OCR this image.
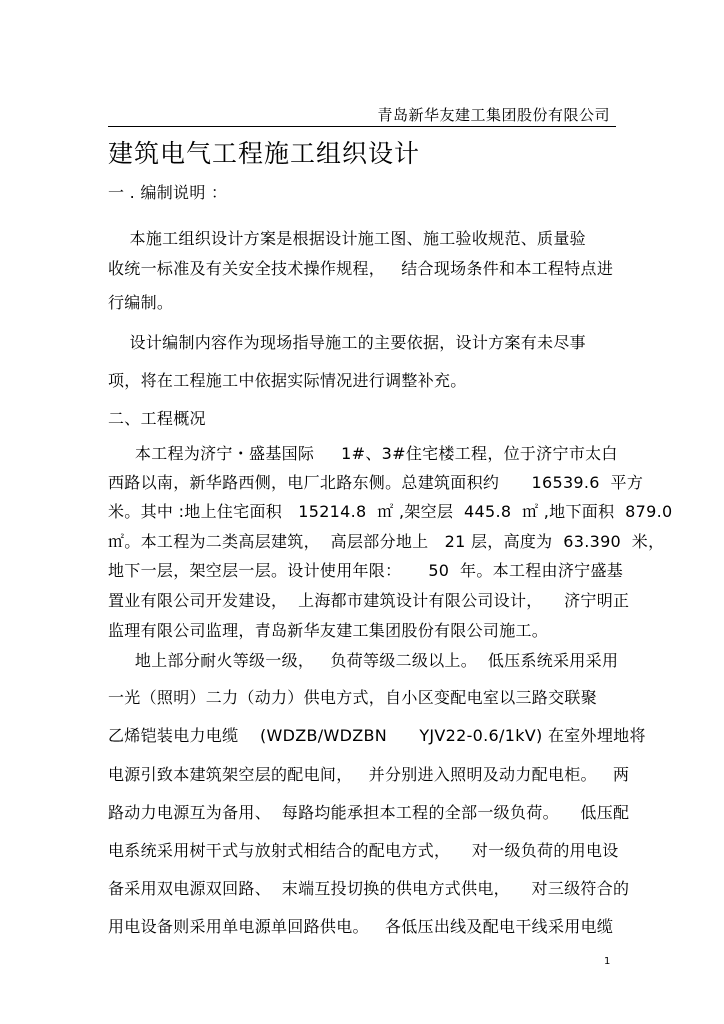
青岛新华友建工集团股份有限公司
建筑电气工程施工组织设计
一 . 编制说明 ：
本施工组织设计方案是根据设计施工图、施工验收规范、质量验
收统一标准及有关安全技术操作规程，   结合现场条件和本工程特点进
行编制。
设计编制内容作为现场指导施工的主要依据，设计方案有未尽事
项，将在工程施工中依据实际情况进行调整补充。
二、工程概况
本工程为济宁・盛基国际     1#、3#住宅楼工程，位于济宁市太白
西路以南，新华路西侧，电厂北路东侧。总建筑面积约      16539.6  平方
米。其中 :地上住宅面积   15214.8  ㎡ ,架空层  445.8  ㎡ ,地下面积  879.0
㎡。本工程为二类高层建筑，  高层部分地上   21 层，高度为  63.390  米，
地下一层，架空层一层。设计使用年限：     50  年。本工程由济宁盛基
置业有限公司开发建设，  上海都市建筑设计有限公司设计，    济宁明正
监理有限公司监理，青岛新华友建工集团股份有限公司施工。
地上部分耐火等级一级，   负荷等级二级以上。  低压系统采用采用
一光（照明）二力（动力）供电方式，自小区变配电室以三路交联聚
乙烯铠装电力电缆    (WDZB/WDZBN      YJV22-0.6/1kV) 在室外埋地将
电源引致本建筑架空层的配电间，   并分别进入照明及动力配电柜。   两
路动力电源互为备用、  每路均能承担本工程的全部一级负荷。    低压配
电系统采用树干式与放射式相结合的配电方式，    对一级负荷的用电设
备采用双电源双回路、  末端互投切换的供电方式供电，    对三级符合的
用电设备则采用单电源单回路供电。   各低压出线及配电干线采用电缆
1
